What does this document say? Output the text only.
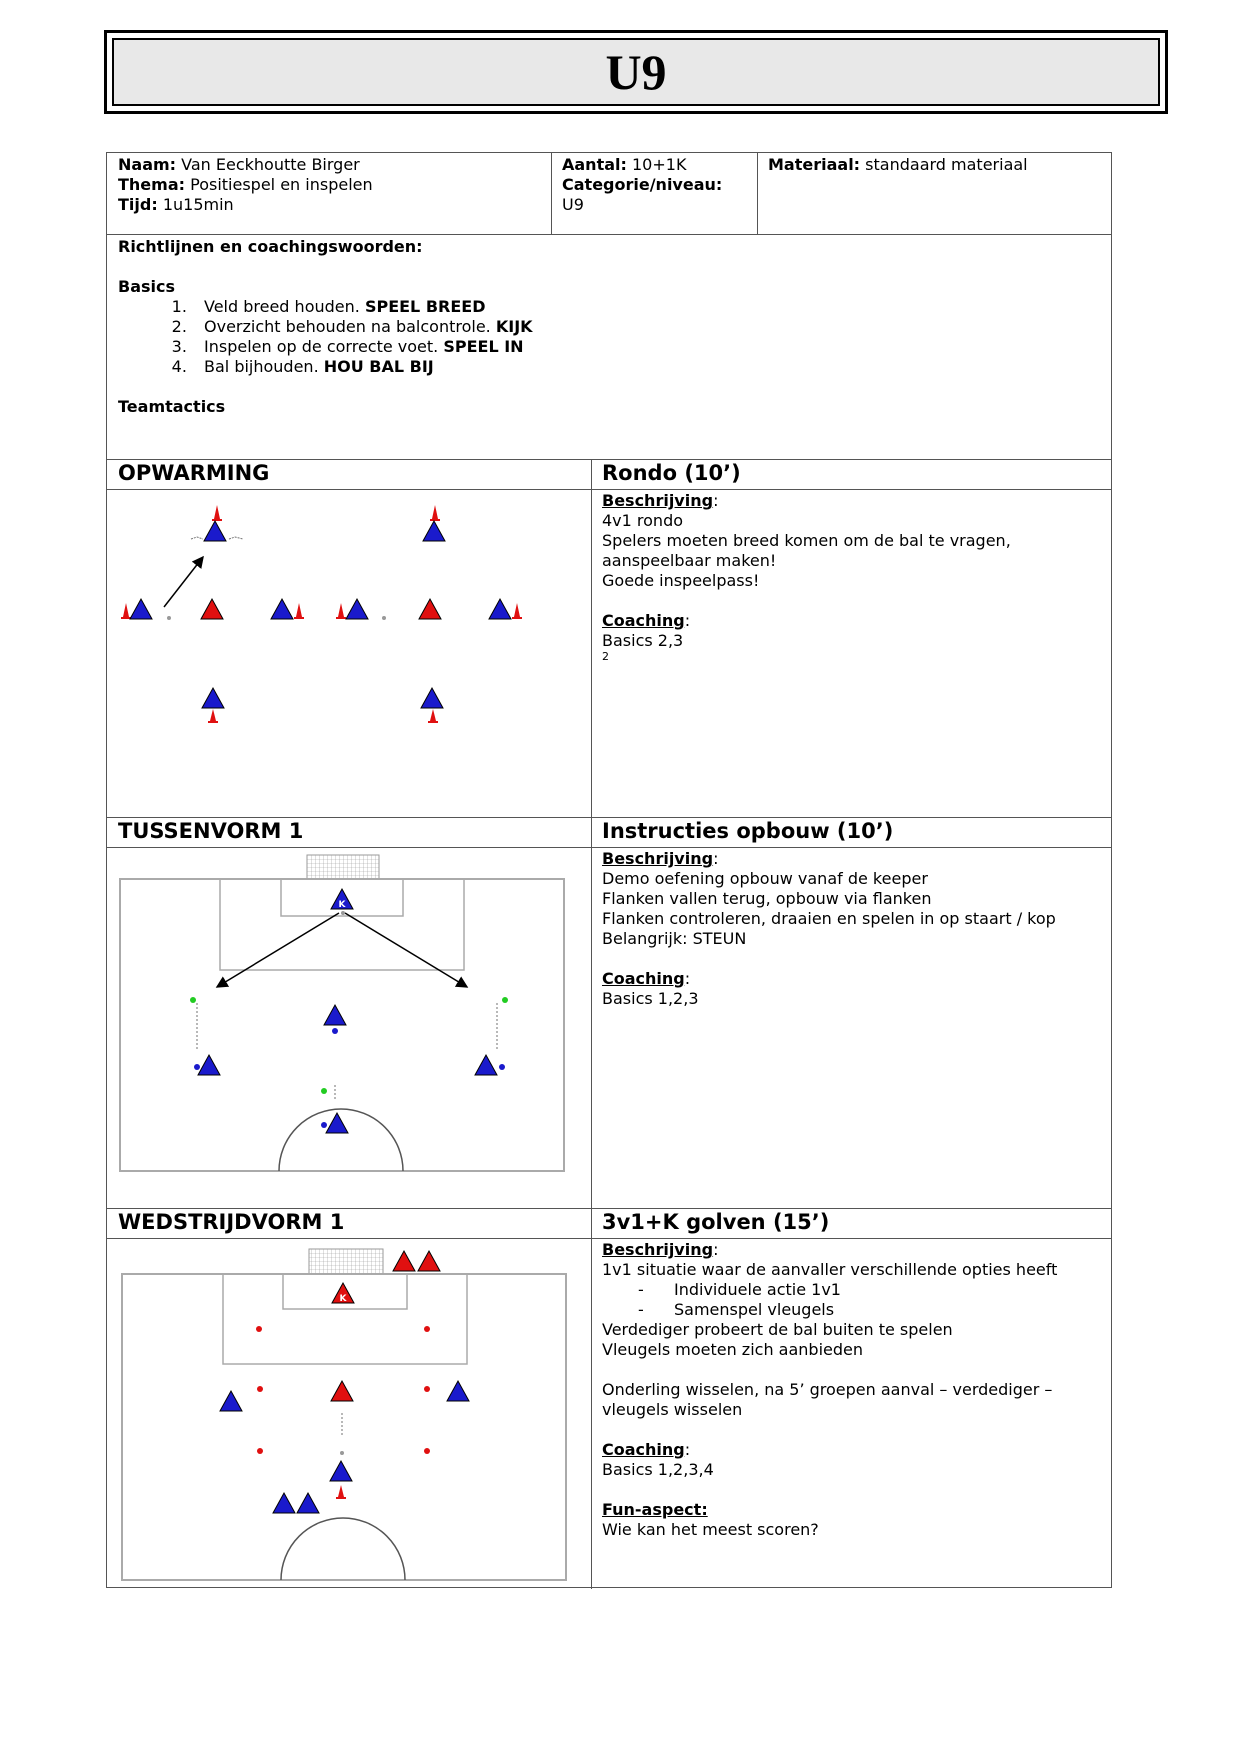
U9

Naam: Van Eeckhoutte Birger

Thema: Positiespel en inspelen

Tijd: 1u15min

Aantal: 10+1K

Categorie/niveau:

U9

Materiaal: standaard materiaal

Richtlijnen en coachingswoorden:

Basics

1. Veld breed houden. SPEEL BREED
2. Overzicht behouden na balcontrole. KIJK
3. Inspelen op de correcte voet. SPEEL IN
4. Bal bijhouden. HOU BAL BIJ

Teamtactics

OPWARMING	Rondo (10’)

Beschrijving:

4v1 rondo

Spelers moeten breed komen om de bal te vragen,

aanspeelbaar maken!

Goede inspeelpass!

Coaching:

Basics 2,3

2

TUSSENVORM 1	Instructies opbouw (10’)

Beschrijving:

Demo oefening opbouw vanaf de keeper

Flanken vallen terug, opbouw via flanken

Flanken controleren, draaien en spelen in op staart / kop

Belangrijk: STEUN

Coaching:

Basics 1,2,3

K
WEDSTRIJDVORM 1	3v1+K golven (15’)

Beschrijving:

1v1 situatie waar de aanvaller verschillende opties heeft

- Individuele actie 1v1
- Samenspel vleugels

Verdediger probeert de bal buiten te spelen

Vleugels moeten zich aanbieden

Onderling wisselen, na 5’ groepen aanval – verdediger –

vleugels wisselen

Coaching:

Basics 1,2,3,4

Fun-aspect:

Wie kan het meest scoren?

K
